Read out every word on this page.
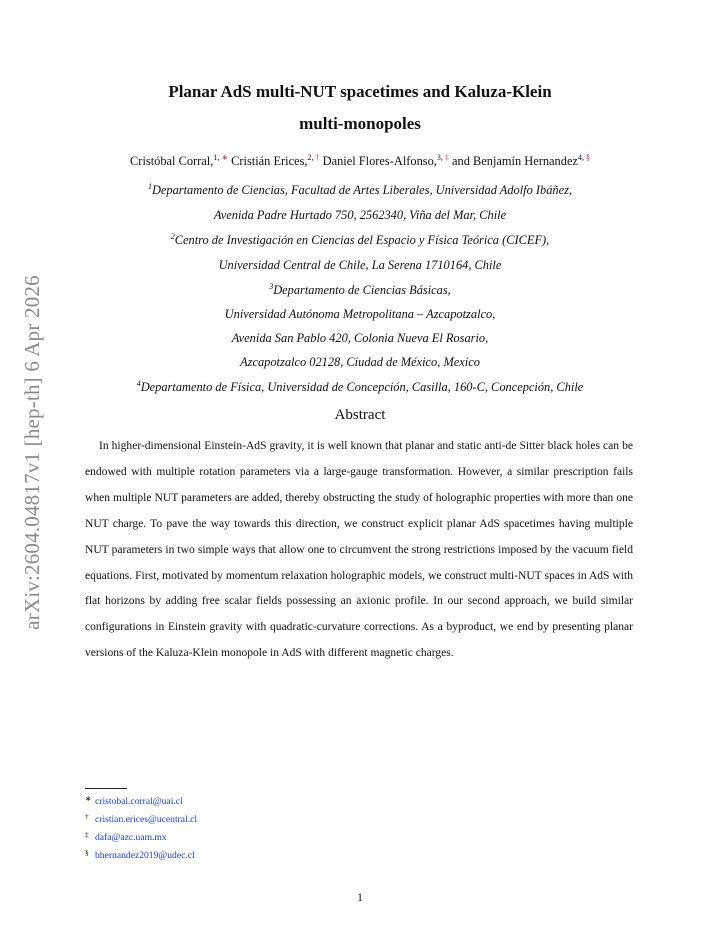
arXiv:2604.04817v1 [hep-th] 6 Apr 2026
Planar AdS multi-NUT spacetimes and Kaluza-Klein
multi-monopoles
Cristóbal Corral,$^{1, ∗}$ Cristián Erices,$^{2, \dagger}$ Daniel Flores-Alfonso,$^{3, \ddagger}$ and Benjamín Hernandez$^{4, \S}$
$^1$Departamento de Ciencias, Facultad de Artes Liberales, Universidad Adolfo Ibáñez,
Avenida Padre Hurtado 750, 2562340, Viña del Mar, Chile
$^2$Centro de Investigación en Ciencias del Espacio y Física Teórica (CICEF),
Universidad Central de Chile, La Serena 1710164, Chile
$^3$Departamento de Ciencias Básicas,
Universidad Autónoma Metropolitana – Azcapotzalco,
Avenida San Pablo 420, Colonia Nueva El Rosario,
Azcapotzalco 02128, Ciudad de México, Mexico
$^4$Departamento de Física, Universidad de Concepción, Casilla, 160-C, Concepción, Chile
Abstract

In higher-dimensional Einstein-AdS gravity, it is well known that planar and static anti-de Sitter black holes can be endowed with multiple rotation parameters via a large-gauge transformation. However, a similar prescription fails when multiple NUT parameters are added, thereby obstructing the study of holographic properties with more than one NUT charge. To pave the way towards this direction, we construct explicit planar AdS spacetimes having multiple NUT parameters in two simple ways that allow one to circumvent the strong restrictions imposed by the vacuum field equations. First, motivated by momentum relaxation holographic models, we construct multi-NUT spaces in AdS with flat horizons by adding free scalar fields possessing an axionic profile. In our second approach, we build similar configurations in Einstein gravity with quadratic-curvature corrections. As a byproduct, we end by presenting planar versions of the Kaluza-Klein monopole in AdS with different magnetic charges.

∗ cristobal.corral@uai.cl
† cristian.erices@ucentral.cl
‡ dafa@azc.uam.mx
§ bhernandez2019@udec.cl
1
